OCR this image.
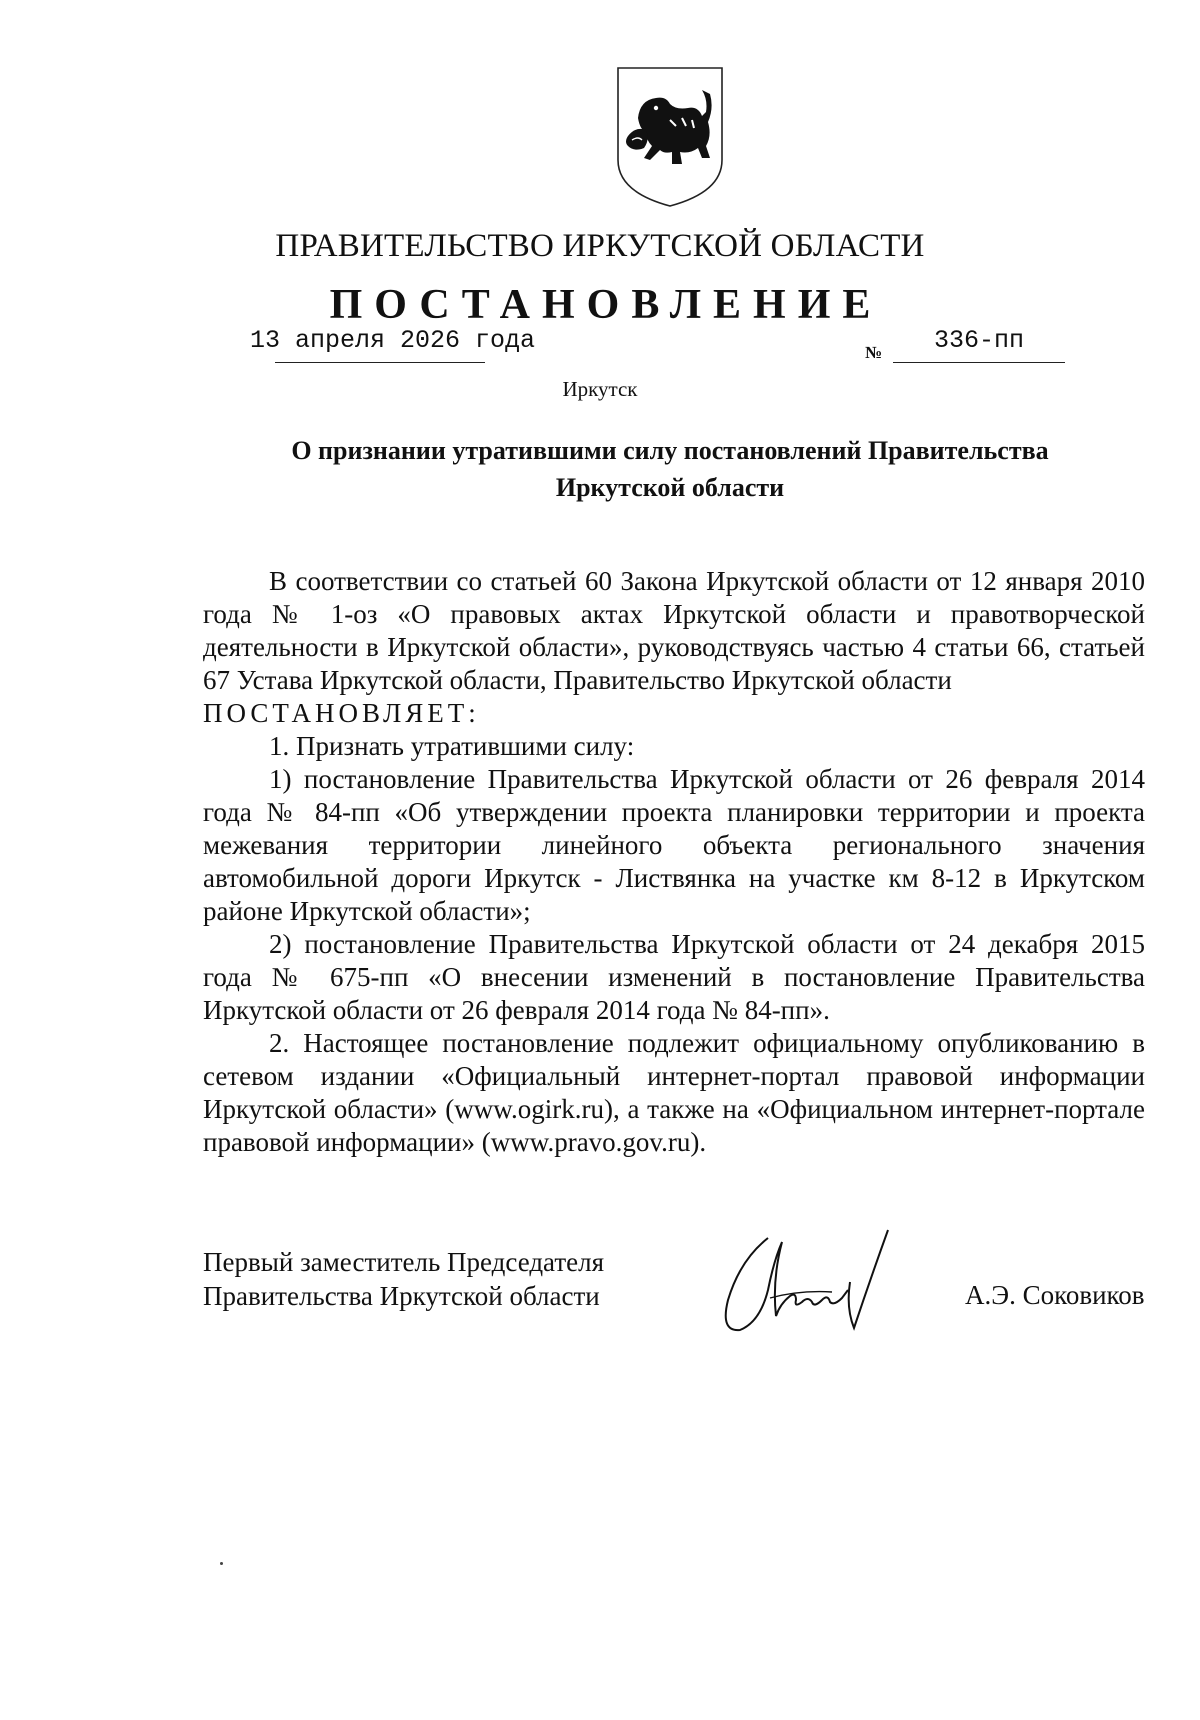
ПРАВИТЕЛЬСТВО ИРКУТСКОЙ ОБЛАСТИ
ПОСТАНОВЛЕНИЕ
13 апреля 2026 года	№ 336-пп
Иркутск
О признании утратившими силу постановлений Правительства Иркутской области

В соответствии со статьей 60 Закона Иркутской области от 12 января 2010 года № 1-оз «О правовых актах Иркутской области и правотворческой деятельности в Иркутской области», руководствуясь частью 4 статьи 66, статьей 67 Устава Иркутской области, Правительство Иркутской области

ПОСТАНОВЛЯЕТ:

1. Признать утратившими силу:

1) постановление Правительства Иркутской области от 26 февраля 2014 года № 84-пп «Об утверждении проекта планировки территории и проекта межевания территории линейного объекта регионального значения автомобильной дороги Иркутск - Листвянка на участке км 8-12 в Иркутском районе Иркутской области»;

2) постановление Правительства Иркутской области от 24 декабря 2015 года № 675-пп «О внесении изменений в постановление Правительства Иркутской области от 26 февраля 2014 года № 84-пп».

2. Настоящее постановление подлежит официальному опубликованию в сетевом издании «Официальный интернет-портал правовой информации Иркутской области» (www.ogirk.ru), а также на «Официальном интернет-портале правовой информации» (www.pravo.gov.ru).

Первый заместитель Председателя
Правительства Иркутской области	А.Э. Соковиков
